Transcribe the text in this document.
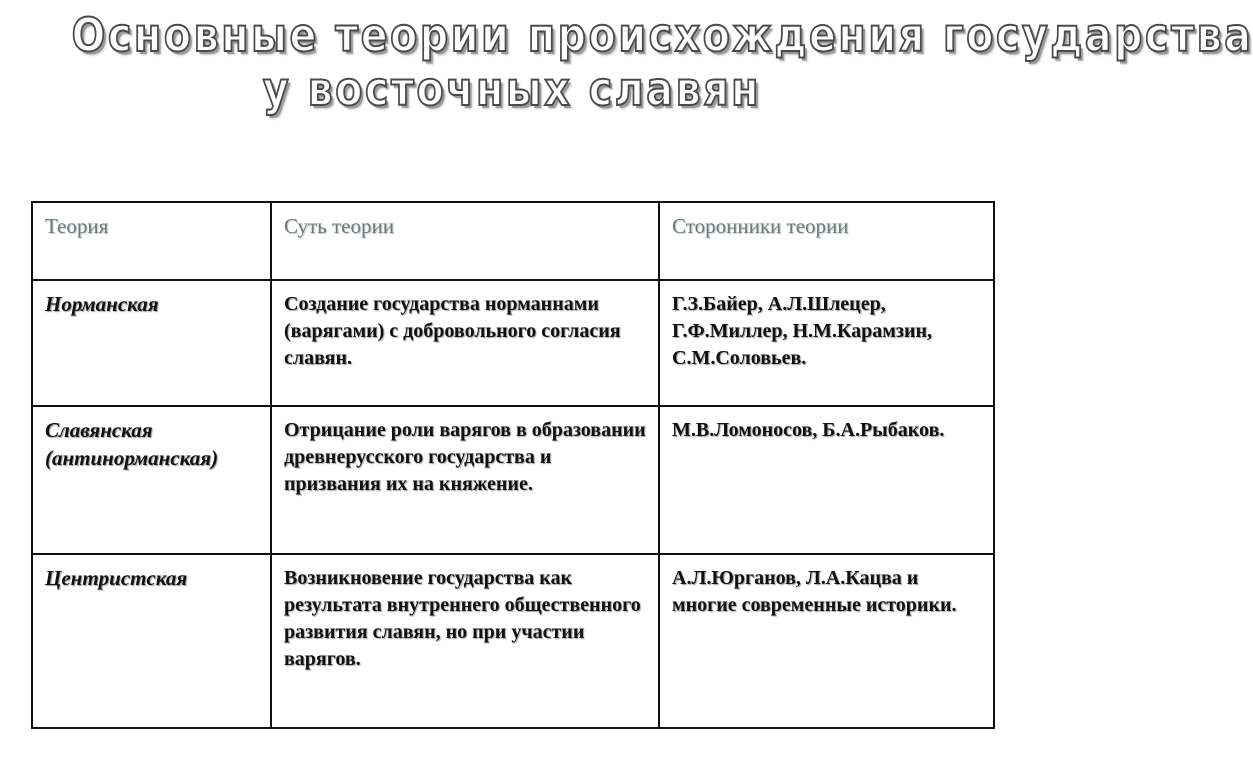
Основные теории происхождения государства
у восточных славян
Теория	Суть теории	Сторонники теории
Норманская	Создание государства норманнами (варягами) с добровольного согласия славян.	Г.З.Байер, А.Л.Шлецер, Г.Ф.Миллер, Н.М.Карамзин, С.М.Соловьев.
Славянская (антинорманская)	Отрицание роли варягов в образовании древнерусского государства и призвания их на княжение.	М.В.Ломоносов, Б.А.Рыбаков.
Центристская	Возникновение государства как результата внутреннего общественного развития славян, но при участии варягов.	А.Л.Юрганов, Л.А.Кацва и многие современные историки.
